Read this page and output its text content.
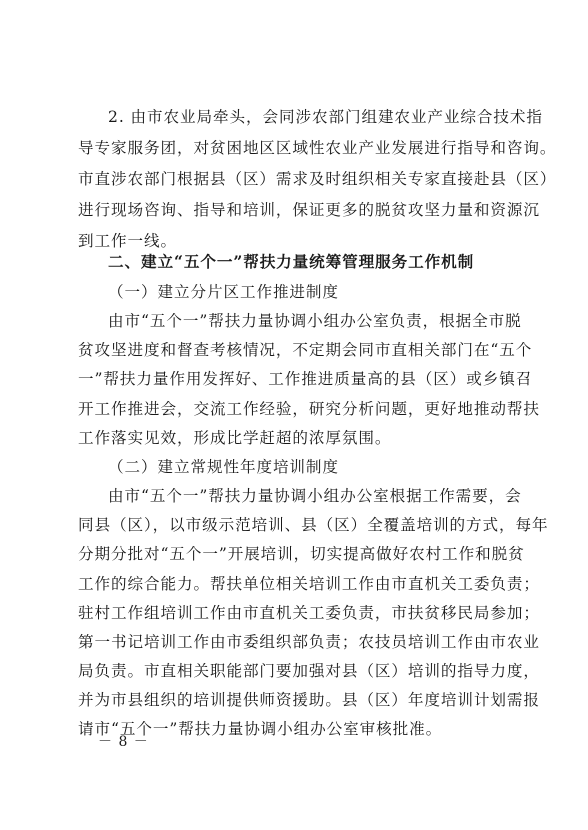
2. 由市农业局牵头，会同涉农部门组建农业产业综合技术指
导专家服务团，对贫困地区区域性农业产业发展进行指导和咨询。
市直涉农部门根据县（区）需求及时组织相关专家直接赴县（区）
进行现场咨询、指导和培训，保证更多的脱贫攻坚力量和资源沉
到工作一线。
二、建立“五个一”帮扶力量统筹管理服务工作机制
（一）建立分片区工作推进制度
由市“五个一”帮扶力量协调小组办公室负责，根据全市脱
贫攻坚进度和督查考核情况，不定期会同市直相关部门在“五个
一”帮扶力量作用发挥好、工作推进质量高的县（区）或乡镇召
开工作推进会，交流工作经验，研究分析问题，更好地推动帮扶
工作落实见效，形成比学赶超的浓厚氛围。
（二）建立常规性年度培训制度
由市“五个一”帮扶力量协调小组办公室根据工作需要，会
同县（区），以市级示范培训、县（区）全覆盖培训的方式，每年
分期分批对“五个一”开展培训，切实提高做好农村工作和脱贫
工作的综合能力。帮扶单位相关培训工作由市直机关工委负责；
驻村工作组培训工作由市直机关工委负责，市扶贫移民局参加；
第一书记培训工作由市委组织部负责；农技员培训工作由市农业
局负责。市直相关职能部门要加强对县（区）培训的指导力度，
并为市县组织的培训提供师资援助。县（区）年度培训计划需报
请市“五个一”帮扶力量协调小组办公室审核批准。
－ 8 －
